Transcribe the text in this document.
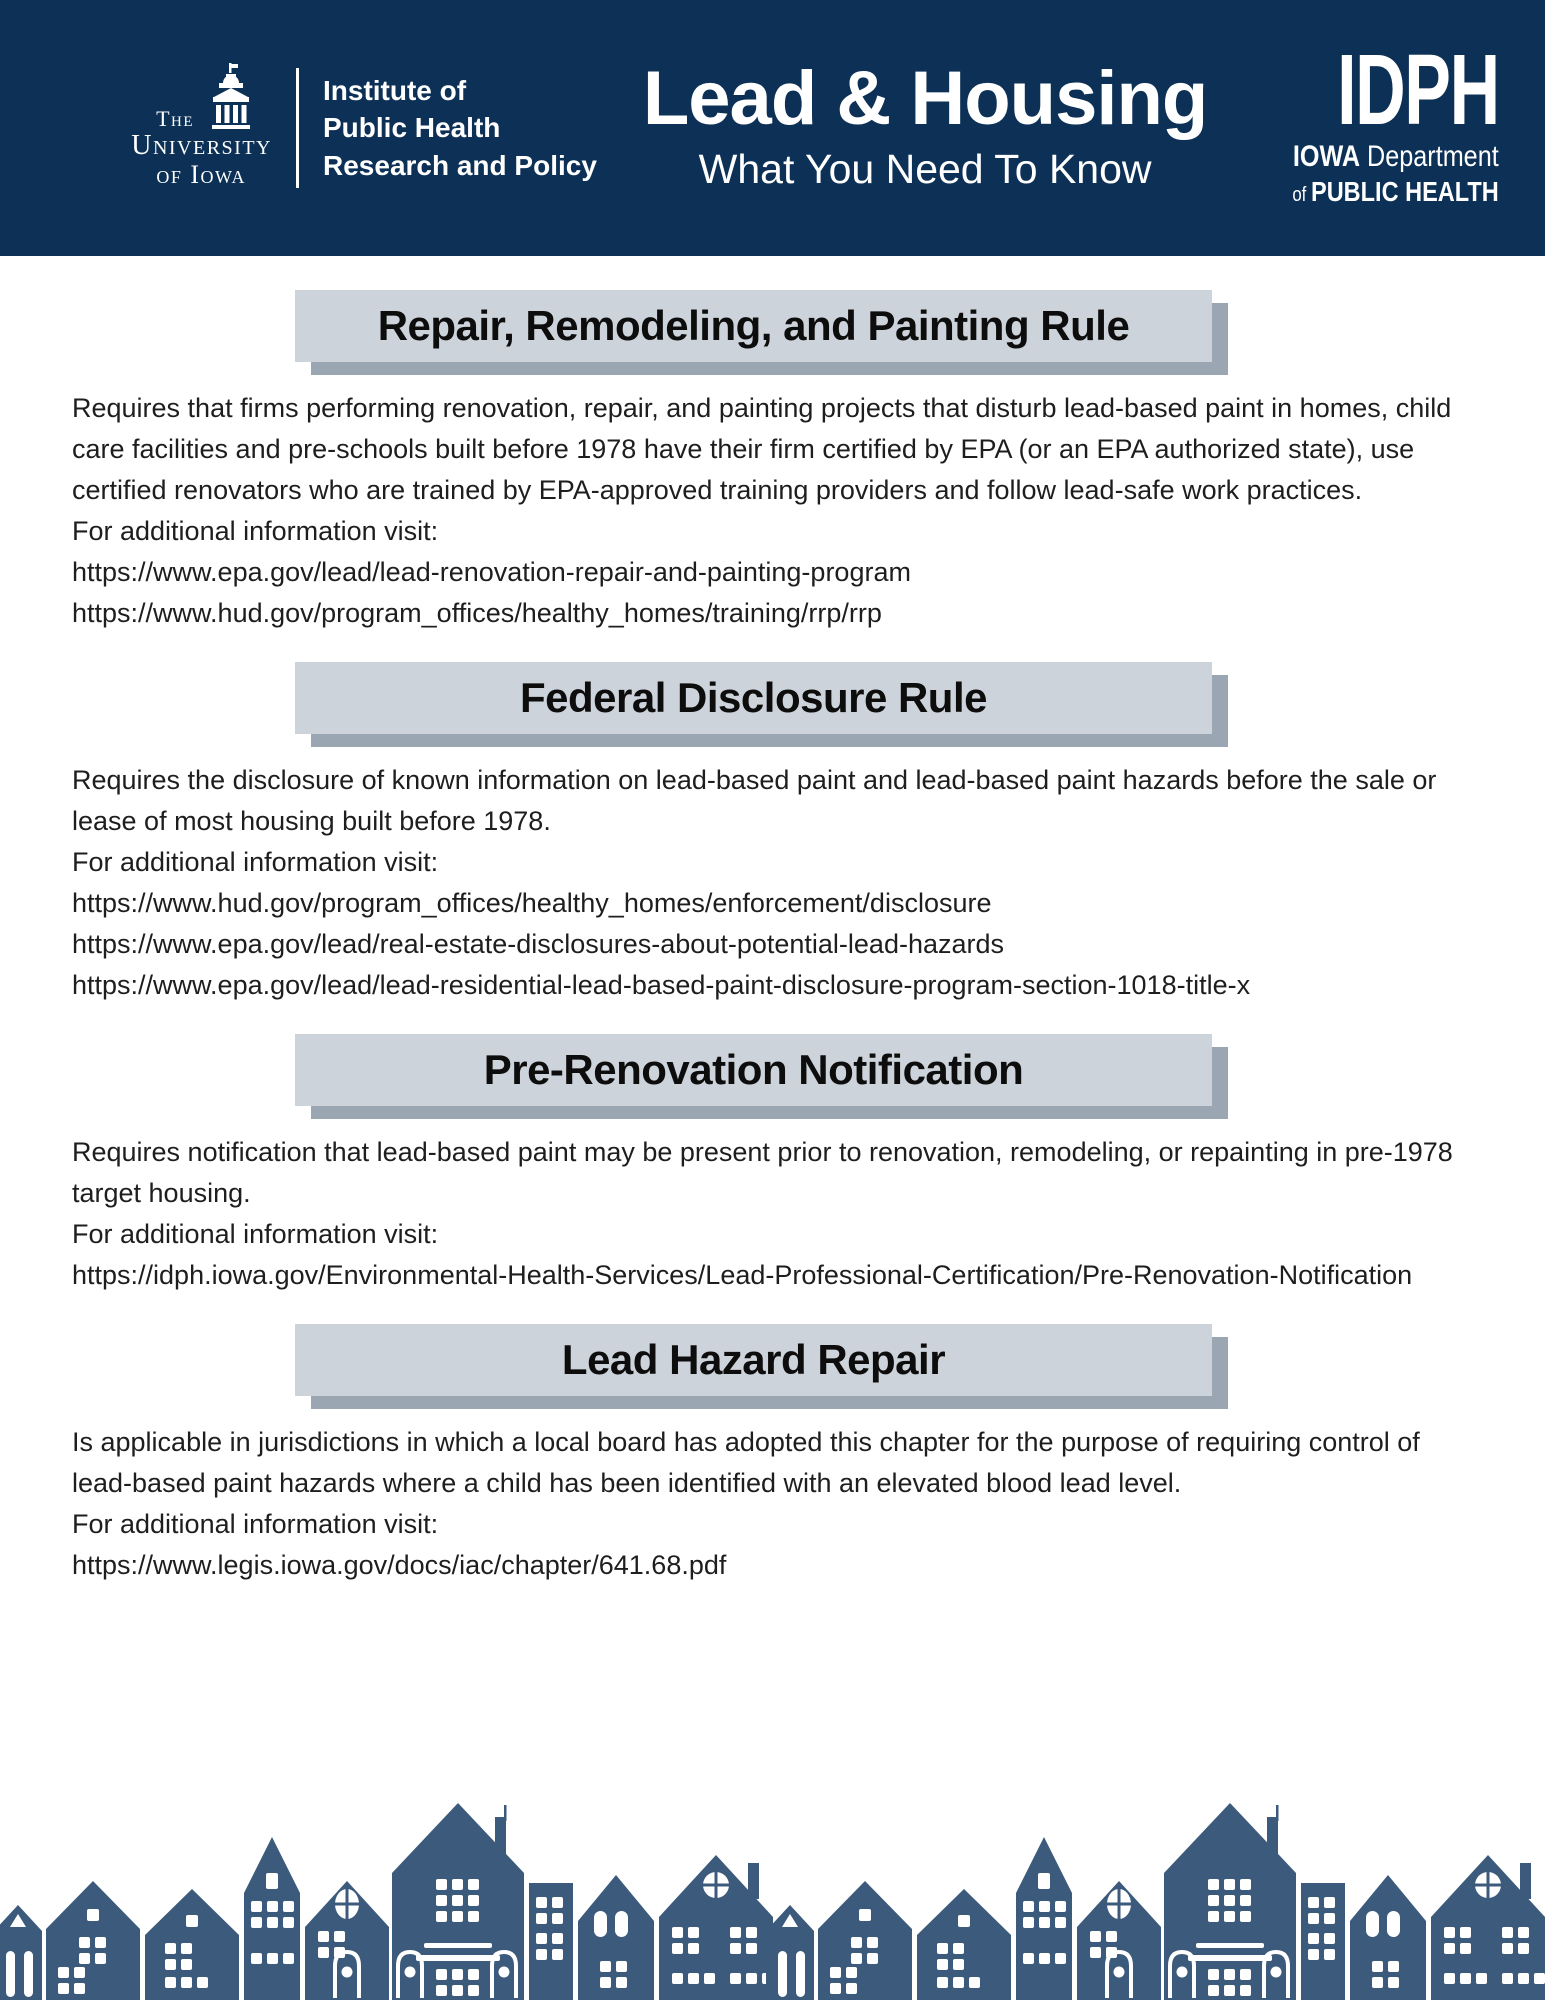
The
University
of Iowa
Institute of
Public Health
Research and Policy
Lead & Housing
What You Need To Know
IDPH
IOWA Department
of PUBLIC HEALTH
Repair, Remodeling, and Painting Rule
Requires that firms performing renovation, repair, and painting projects that disturb lead-based paint in homes, child care facilities and pre-schools built before 1978 have their firm certified by EPA (or an EPA authorized state), use certified renovators who are trained by EPA-approved training providers and follow lead-safe work practices.
For additional information visit:
https://www.epa.gov/lead/lead-renovation-repair-and-painting-program
https://www.hud.gov/program_offices/healthy_homes/training/rrp/rrp
Federal Disclosure Rule
Requires the disclosure of known information on lead-based paint and lead-based paint hazards before the sale or lease of most housing built before 1978.
For additional information visit:
https://www.hud.gov/program_offices/healthy_homes/enforcement/disclosure
https://www.epa.gov/lead/real-estate-disclosures-about-potential-lead-hazards
https://www.epa.gov/lead/lead-residential-lead-based-paint-disclosure-program-section-1018-title-x
Pre-Renovation Notification
Requires notification that lead-based paint may be present prior to renovation, remodeling, or repainting in pre-1978 target housing.
For additional information visit:
https://idph.iowa.gov/Environmental-Health-Services/Lead-Professional-Certification/Pre-Renovation-Notification
Lead Hazard Repair
Is applicable in jurisdictions in which a local board has adopted this chapter for the purpose of requiring control of lead-based paint hazards where a child has been identified with an elevated blood lead level.
For additional information visit:
https://www.legis.iowa.gov/docs/iac/chapter/641.68.pdf
